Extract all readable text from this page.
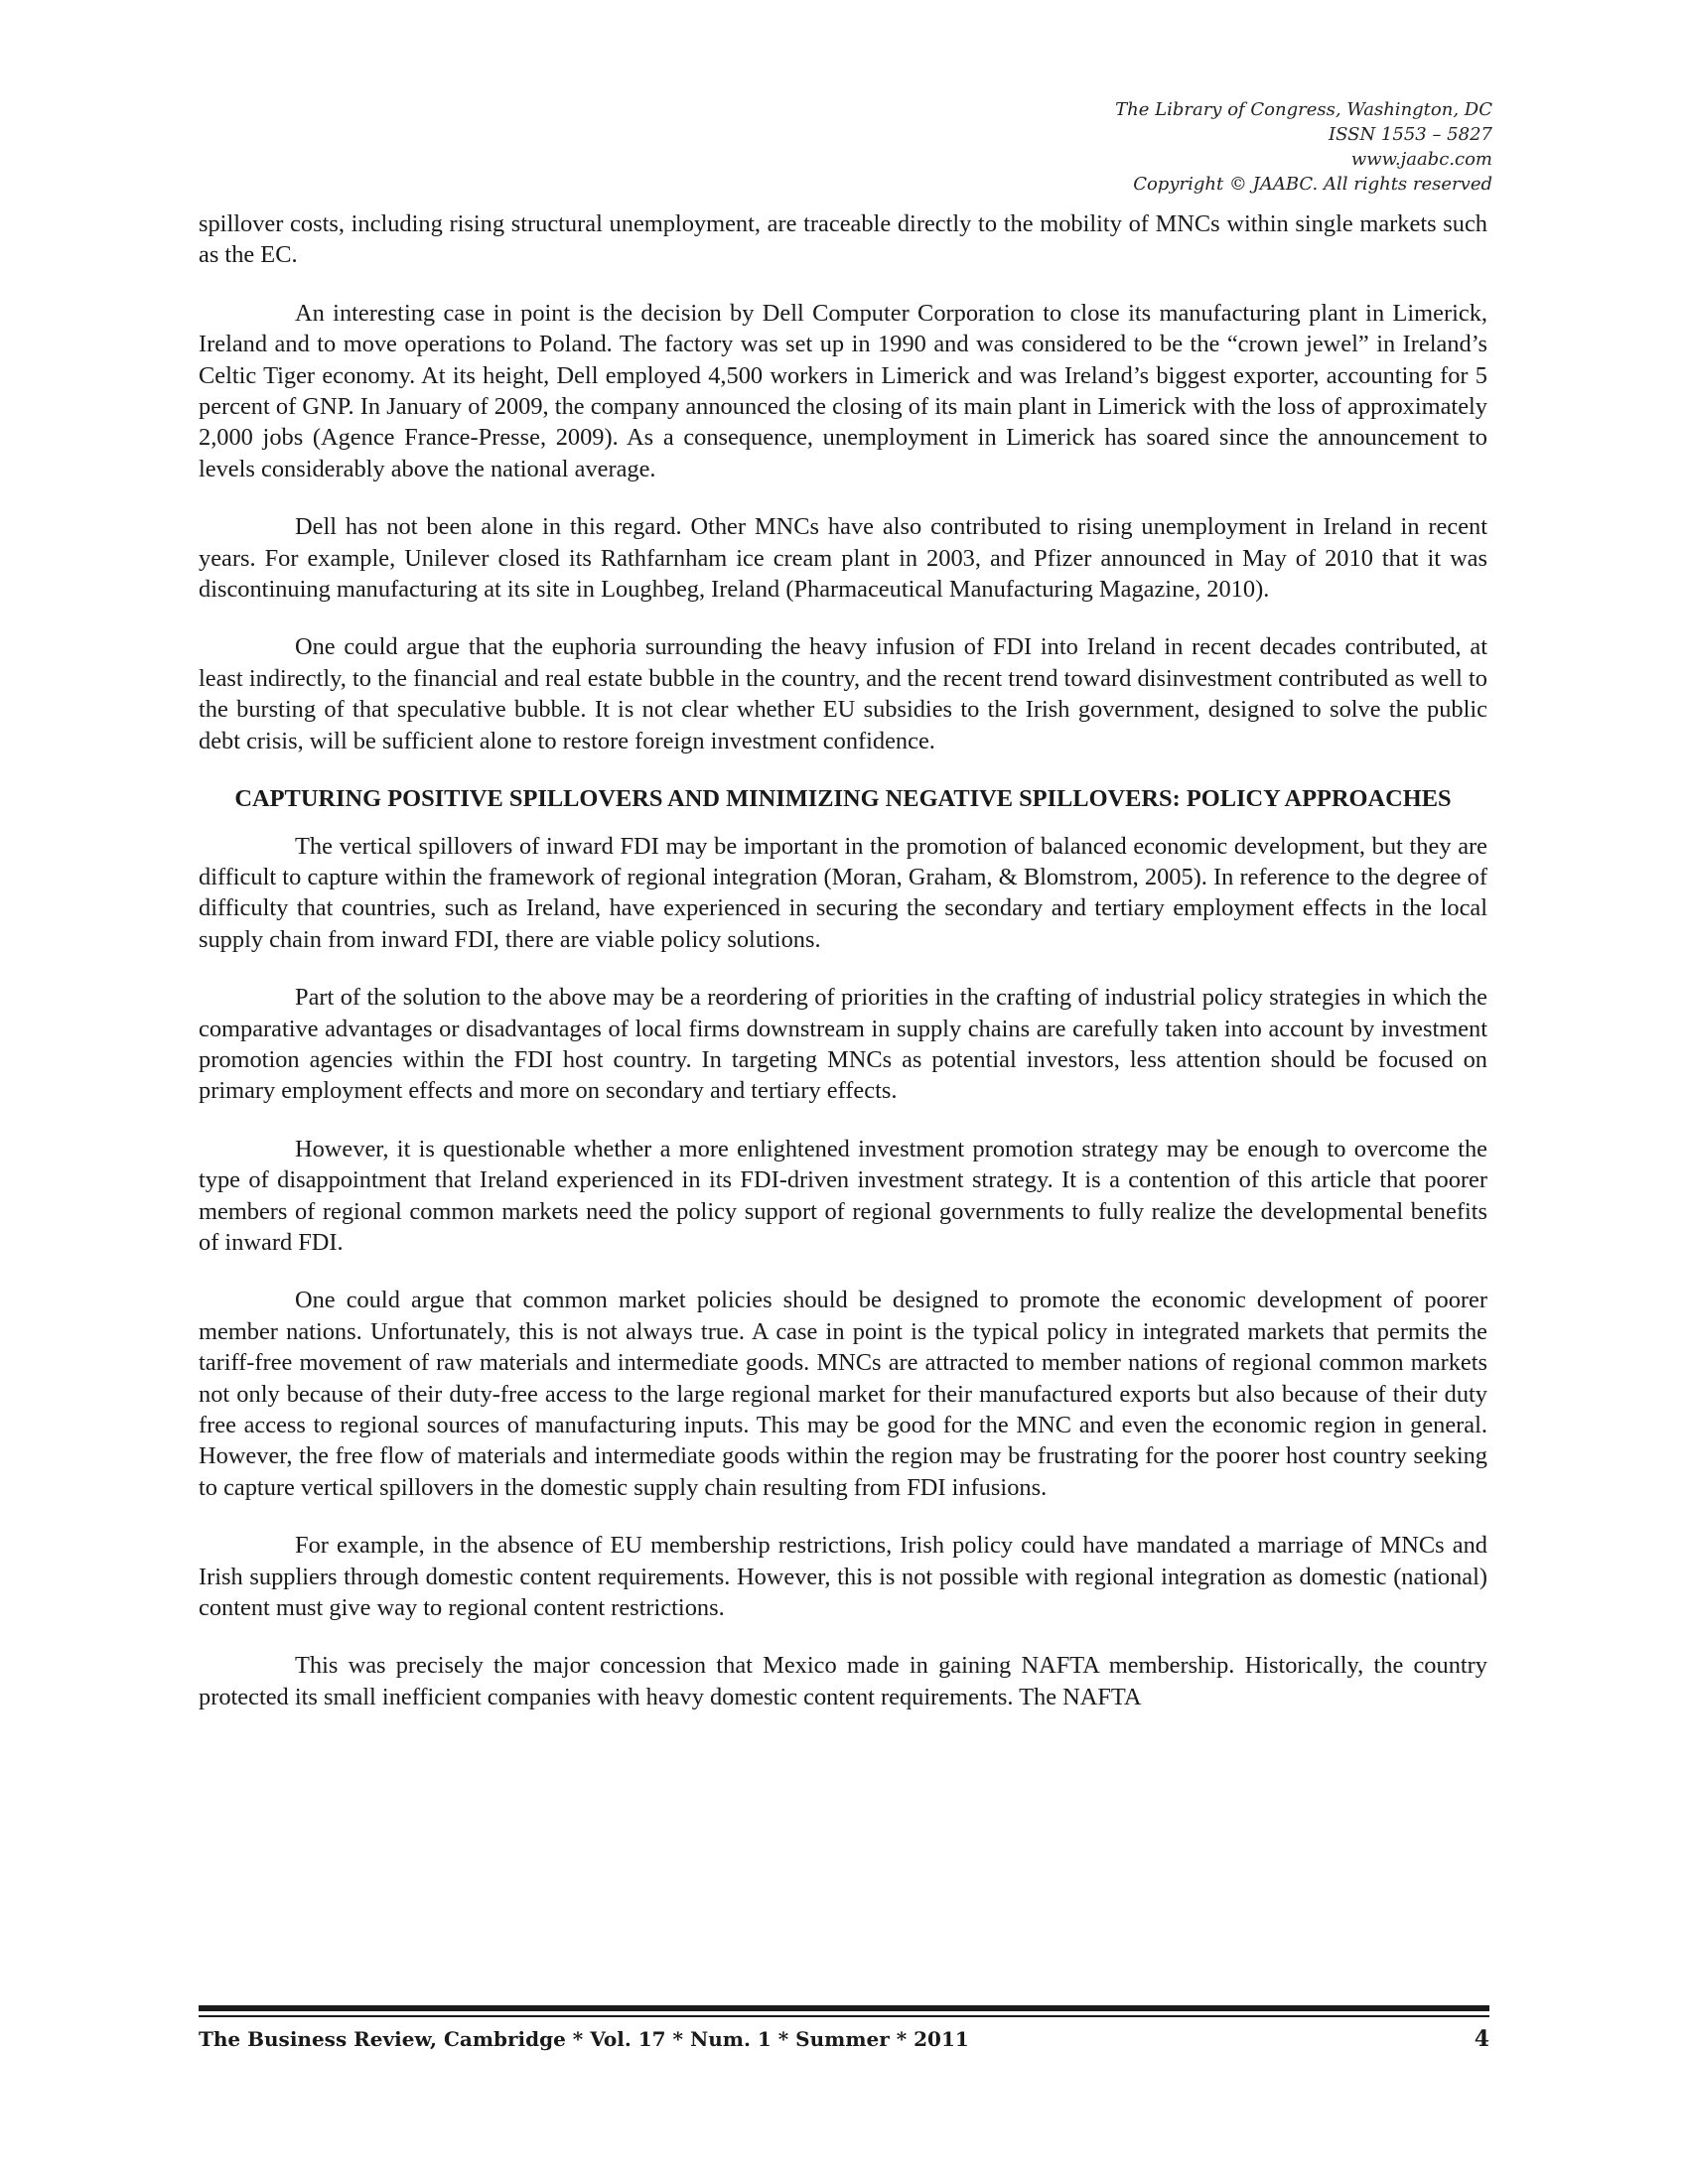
The Library of Congress, Washington, DC
ISSN 1553 – 5827
www.jaabc.com
Copyright © JAABC. All rights reserved

spillover costs, including rising structural unemployment, are traceable directly to the mobility of MNCs within single markets such as the EC.

An interesting case in point is the decision by Dell Computer Corporation to close its manufacturing plant in Limerick, Ireland and to move operations to Poland. The factory was set up in 1990 and was considered to be the “crown jewel” in Ireland’s Celtic Tiger economy. At its height, Dell employed 4,500 workers in Limerick and was Ireland’s biggest exporter, accounting for 5 percent of GNP. In January of 2009, the company announced the closing of its main plant in Limerick with the loss of approximately 2,000 jobs (Agence France-Presse, 2009). As a consequence, unemployment in Limerick has soared since the announcement to levels considerably above the national average.

Dell has not been alone in this regard. Other MNCs have also contributed to rising unemployment in Ireland in recent years. For example, Unilever closed its Rathfarnham ice cream plant in 2003, and Pfizer announced in May of 2010 that it was discontinuing manufacturing at its site in Loughbeg, Ireland (Pharmaceutical Manufacturing Magazine, 2010).

One could argue that the euphoria surrounding the heavy infusion of FDI into Ireland in recent decades contributed, at least indirectly, to the financial and real estate bubble in the country, and the recent trend toward disinvestment contributed as well to the bursting of that speculative bubble. It is not clear whether EU subsidies to the Irish government, designed to solve the public debt crisis, will be sufficient alone to restore foreign investment confidence.

CAPTURING POSITIVE SPILLOVERS AND MINIMIZING NEGATIVE SPILLOVERS: POLICY APPROACHES

The vertical spillovers of inward FDI may be important in the promotion of balanced economic development, but they are difficult to capture within the framework of regional integration (Moran, Graham, & Blomstrom, 2005). In reference to the degree of difficulty that countries, such as Ireland, have experienced in securing the secondary and tertiary employment effects in the local supply chain from inward FDI, there are viable policy solutions.

Part of the solution to the above may be a reordering of priorities in the crafting of industrial policy strategies in which the comparative advantages or disadvantages of local firms downstream in supply chains are carefully taken into account by investment promotion agencies within the FDI host country. In targeting MNCs as potential investors, less attention should be focused on primary employment effects and more on secondary and tertiary effects.

However, it is questionable whether a more enlightened investment promotion strategy may be enough to overcome the type of disappointment that Ireland experienced in its FDI-driven investment strategy. It is a contention of this article that poorer members of regional common markets need the policy support of regional governments to fully realize the developmental benefits of inward FDI.

One could argue that common market policies should be designed to promote the economic development of poorer member nations. Unfortunately, this is not always true. A case in point is the typical policy in integrated markets that permits the tariff-free movement of raw materials and intermediate goods. MNCs are attracted to member nations of regional common markets not only because of their duty-free access to the large regional market for their manufactured exports but also because of their duty free access to regional sources of manufacturing inputs. This may be good for the MNC and even the economic region in general. However, the free flow of materials and intermediate goods within the region may be frustrating for the poorer host country seeking to capture vertical spillovers in the domestic supply chain resulting from FDI infusions.

For example, in the absence of EU membership restrictions, Irish policy could have mandated a marriage of MNCs and Irish suppliers through domestic content requirements. However, this is not possible with regional integration as domestic (national) content must give way to regional content restrictions.

This was precisely the major concession that Mexico made in gaining NAFTA membership. Historically, the country protected its small inefficient companies with heavy domestic content requirements. The NAFTA

The Business Review, Cambridge * Vol. 17 * Num. 1 * Summer * 2011	4
